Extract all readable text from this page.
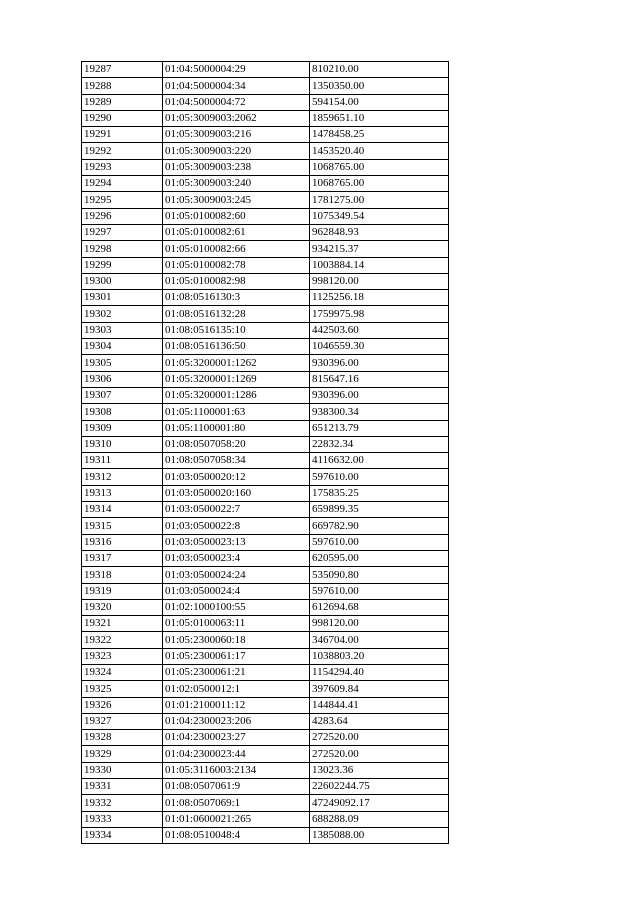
19287	01:04:5000004:29	810210.00
19288	01:04:5000004:34	1350350.00
19289	01:04:5000004:72	594154.00
19290	01:05:3009003:2062	1859651.10
19291	01:05:3009003:216	1478458.25
19292	01:05:3009003:220	1453520.40
19293	01:05:3009003:238	1068765.00
19294	01:05:3009003:240	1068765.00
19295	01:05:3009003:245	1781275.00
19296	01:05:0100082:60	1075349.54
19297	01:05:0100082:61	962848.93
19298	01:05:0100082:66	934215.37
19299	01:05:0100082:78	1003884.14
19300	01:05:0100082:98	998120.00
19301	01:08:0516130:3	1125256.18
19302	01:08:0516132:28	1759975.98
19303	01:08:0516135:10	442503.60
19304	01:08:0516136:50	1046559.30
19305	01:05:3200001:1262	930396.00
19306	01:05:3200001:1269	815647.16
19307	01:05:3200001:1286	930396.00
19308	01:05:1100001:63	938300.34
19309	01:05:1100001:80	651213.79
19310	01:08:0507058:20	22832.34
19311	01:08:0507058:34	4116632.00
19312	01:03:0500020:12	597610.00
19313	01:03:0500020:160	175835.25
19314	01:03:0500022:7	659899.35
19315	01:03:0500022:8	669782.90
19316	01:03:0500023:13	597610.00
19317	01:03:0500023:4	620595.00
19318	01:03:0500024:24	535090.80
19319	01:03:0500024:4	597610.00
19320	01:02:1000100:55	612694.68
19321	01:05:0100063:11	998120.00
19322	01:05:2300060:18	346704.00
19323	01:05:2300061:17	1038803.20
19324	01:05:2300061:21	1154294.40
19325	01:02:0500012:1	397609.84
19326	01:01:2100011:12	144844.41
19327	01:04:2300023:206	4283.64
19328	01:04:2300023:27	272520.00
19329	01:04:2300023:44	272520.00
19330	01:05:3116003:2134	13023.36
19331	01:08:0507061:9	22602244.75
19332	01:08:0507069:1	47249092.17
19333	01:01:0600021:265	688288.09
19334	01:08:0510048:4	1385088.00
